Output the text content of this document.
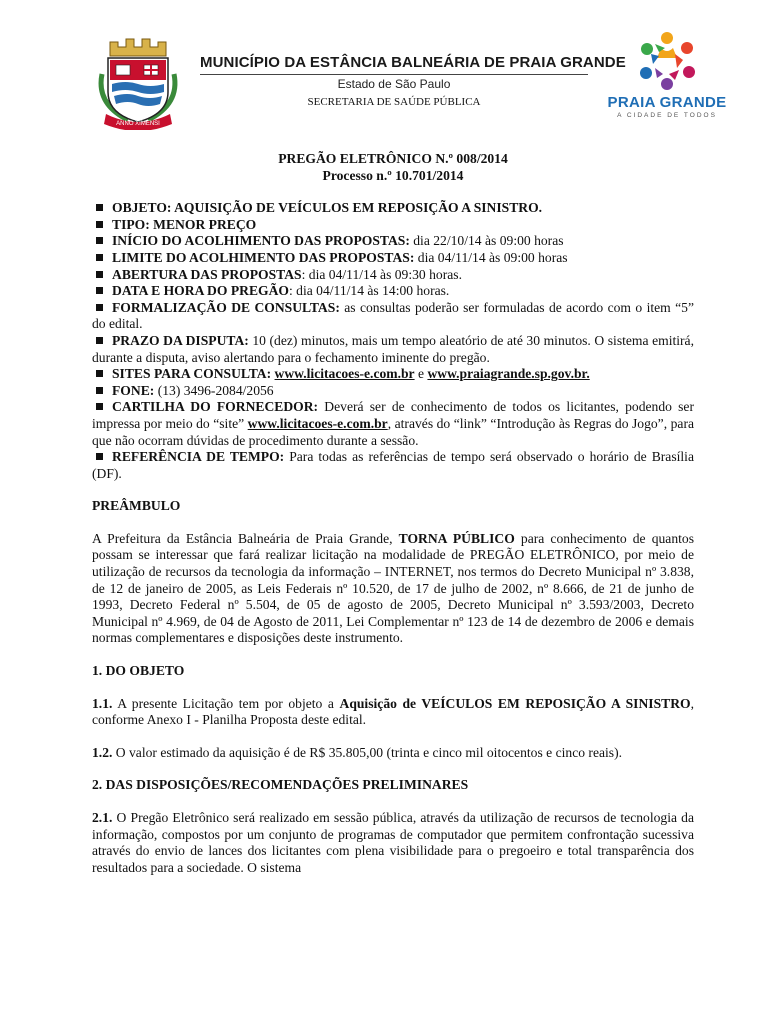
ANNO XIMENSI
MUNICÍPIO DA ESTÂNCIA BALNEÁRIA DE PRAIA GRANDE
Estado de São Paulo
SECRETARIA DE SAÚDE PÚBLICA	PRAIA GRANDE
A CIDADE DE TODOS
PREGÃO ELETRÔNICO N.º 008/2014
Processo n.º 10.701/2014
OBJETO: AQUISIÇÃO DE VEÍCULOS EM REPOSIÇÃO A SINISTRO.
TIPO: MENOR PREÇO
INÍCIO DO ACOLHIMENTO DAS PROPOSTAS: dia 22/10/14 às 09:00 horas
LIMITE DO ACOLHIMENTO DAS PROPOSTAS: dia 04/11/14 às 09:00 horas
ABERTURA DAS PROPOSTAS: dia 04/11/14 às 09:30 horas.
DATA E HORA DO PREGÃO: dia 04/11/14 às 14:00 horas.
FORMALIZAÇÃO DE CONSULTAS: as consultas poderão ser formuladas de acordo com o item “5” do edital.
PRAZO DA DISPUTA: 10 (dez) minutos, mais um tempo aleatório de até 30 minutos. O sistema emitirá, durante a disputa, aviso alertando para o fechamento iminente do pregão.
SITES PARA CONSULTA: www.licitacoes-e.com.br e www.praiagrande.sp.gov.br.
FONE: (13) 3496-2084/2056
CARTILHA DO FORNECEDOR: Deverá ser de conhecimento de todos os licitantes, podendo ser impressa por meio do “site” www.licitacoes-e.com.br, através do “link” “Introdução às Regras do Jogo”, para que não ocorram dúvidas de procedimento durante a sessão.
REFERÊNCIA DE TEMPO: Para todas as referências de tempo será observado o horário de Brasília (DF).
PREÂMBULO

A Prefeitura da Estância Balneária de Praia Grande, TORNA PÚBLICO para conhecimento de quantos possam se interessar que fará realizar licitação na modalidade de PREGÃO ELETRÔNICO, por meio de utilização de recursos da tecnologia da informação – INTERNET, nos termos do Decreto Municipal nº 3.838, de 12 de janeiro de 2005, as Leis Federais nº 10.520, de 17 de julho de 2002, nº 8.666, de 21 de junho de 1993, Decreto Federal nº 5.504, de 05 de agosto de 2005, Decreto Municipal nº 3.593/2003, Decreto Municipal nº 4.969, de 04 de Agosto de 2011, Lei Complementar nº 123 de 14 de dezembro de 2006 e demais normas complementares e disposições deste instrumento.

1. DO OBJETO

1.1. A presente Licitação tem por objeto a Aquisição de VEÍCULOS EM REPOSIÇÃO A SINISTRO, conforme Anexo I - Planilha Proposta deste edital.

1.2. O valor estimado da aquisição é de R$ 35.805,00 (trinta e cinco mil oitocentos e cinco reais).

2. DAS DISPOSIÇÕES/RECOMENDAÇÕES PRELIMINARES

2.1. O Pregão Eletrônico será realizado em sessão pública, através da utilização de recursos de tecnologia da informação, compostos por um conjunto de programas de computador que permitem confrontação sucessiva através do envio de lances dos licitantes com plena visibilidade para o pregoeiro e total transparência dos resultados para a sociedade. O sistema
